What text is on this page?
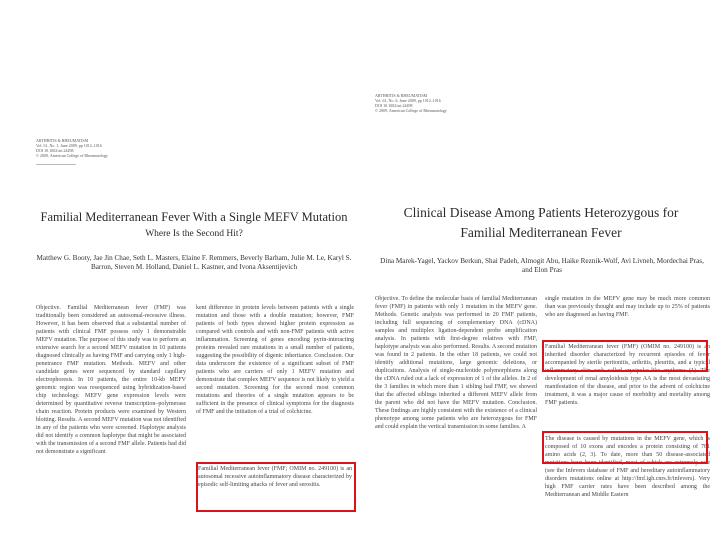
ARTHRITIS & RHEUMATISM
Vol. 61, No. 1, June 2009, pp 1012–1016
DOI 10.1002/art.24498
© 2009, American College of Rheumatology
Familial Mediterranean Fever With a Single MEFV Mutation
Where Is the Second Hit?
Matthew G. Booty, Jae Jin Chae, Seth L. Masters, Elaine F. Remmers, Beverly Barham, Julie M. Le, Karyl S. Barron, Steven M. Holland, Daniel L. Kastner, and Ivona Aksentijevich

Objective. Familial Mediterranean fever (FMF) was traditionally been considered an autosomal-recessive illness. However, it has been observed that a substantial number of patients with clinical FMF possess only 1 demonstrable MEFV mutation. The purpose of this study was to perform an extensive search for a second MEFV mutation in 10 patients diagnosed clinically as having FMF and carrying only 1 high-penetrance FMF mutation. Methods. MEFV and other candidate genes were sequenced by standard capillary electrophoresis. In 10 patients, the entire 10-kb MEFV genomic region was resequenced using hybridization-based chip technology. MEFV gene expression levels were determined by quantitative reverse transcription–polymerase chain reaction. Protein products were examined by Western blotting. Results. A second MEFV mutation was not identified in any of the patients who were screened. Haplotype analysis did not identify a common haplotype that might be associated with the transmission of a second FMF allele. Patients had did not demonstrate a significant

kent difference in protein levels between patients with a single mutation and those with a double mutation; however, FMF patients of both types showed higher protein expression as compared with controls and with non-FMF patients with active inflammation. Screening of genes encoding pyrin-interacting proteins revealed rare mutations in a small number of patients, suggesting the possibility of digenic inheritance. Conclusion. Our data underscore the existence of a significant subset of FMF patients who are carriers of only 1 MEFV mutation and demonstrate that complex MEFV sequence is not likely to yield a second mutation. Screening for the second most common mutations and theories of a single mutation appears to be sufficient in the presence of clinical symptoms for the diagnosis of FMF and the initiation of a trial of colchicine.

Familial Mediterranean fever (FMF; OMIM no. 249100) is an autosomal recessive autoinflammatory disease characterized by episodic self-limiting attacks of fever and serositis.

ARTHRITIS & RHEUMATISM
Vol. 61, No. 6, June 2009, pp 1012–1016
DOI 10.1002/art.24498
© 2009, American College of Rheumatology
Clinical Disease Among Patients Heterozygous for
Familial Mediterranean Fever
Dina Marek-Yagel, Yackov Berkun, Shai Padeh, Almogit Abu, Haike Reznik-Wolf, Avi Livneh, Mordechai Pras, and Elon Pras

Objective. To define the molecular basis of familial Mediterranean fever (FMF) in patients with only 1 mutation in the MEFV gene. Methods. Genetic analysis was performed in 20 FMF patients, including full sequencing of complementary DNA (cDNA) samples and multiplex ligation-dependent probe amplification analysis. In patients with first-degree relatives with FMF, haplotype analysis was also performed. Results. A second mutation was found in 2 patients. In the other 18 patients, we could not identify additional mutations, large genomic deletions, or duplications. Analysis of single-nucleotide polymorphisms along the cDNA ruled out a lack of expression of 1 of the alleles. In 2 of the 3 families in which more than 1 sibling had FMF, we showed that the affected siblings inherited a different MEFV allele from the parent who did not have the MEFV mutation. Conclusion. These findings are highly consistent with the existence of a clinical phenotype among some patients who are heterozygous for FMF and could explain the vertical transmission in some families. A

single mutation in the MEFV gene may be much more common than was previously thought and may include up to 25% of patients who are diagnosed as having FMF.

Familial Mediterranean fever (FMF) (OMIM no. 249100) is an inherited disorder characterized by recurrent episodes of fever accompanied by sterile peritonitis, arthritis, pleuritis, and a typical inflammatory skin rash called erysipelas-like erythema (1). The development of renal amyloidosis type AA is the most devastating manifestation of the disease, and prior to the advent of colchicine treatment, it was a major cause of morbidity and mortality among FMF patients.

The disease is caused by mutations in the MEFV gene, which is composed of 10 exons and encodes a protein consisting of 781 amino acids (2, 3). To date, more than 50 disease-associated mutations have been identified, most of which are extremely rare (see the Infevers database of FMF and hereditary autoinflammatory disorders mutations online at http://fmf.igh.cnrs.fr/infevers). Very high FMF carrier rates have been described among the Mediterranean and Middle Eastern
